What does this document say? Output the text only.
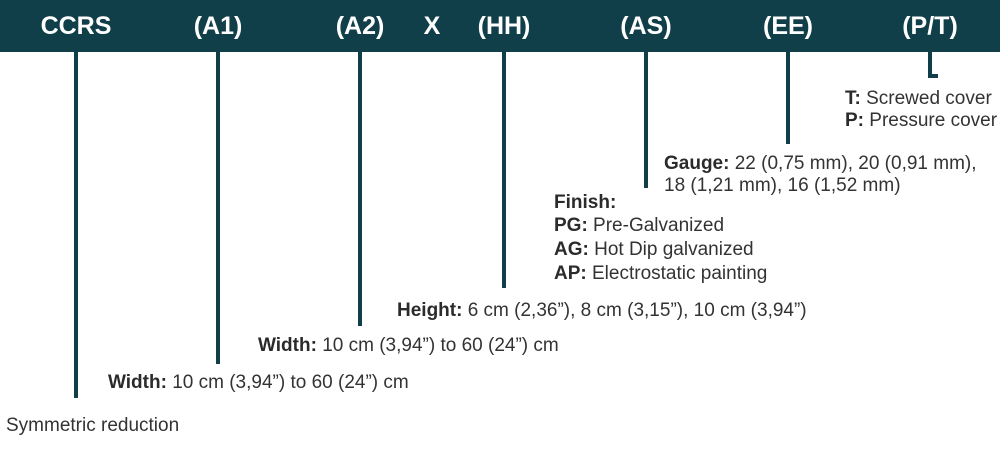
CCRS	(A1)	(A2) X (HH)	(AS)	(EE)	(P/T)
T: Screwed cover
P: Pressure cover
Gauge: 22 (0,75 mm), 20 (0,91 mm),
18 (1,21 mm), 16 (1,52 mm)
Finish:
PG: Pre-Galvanized
AG: Hot Dip galvanized
AP: Electrostatic painting
Height: 6 cm (2,36”), 8 cm (3,15”), 10 cm (3,94”)
Width: 10 cm (3,94”) to 60 (24”) cm
Width: 10 cm (3,94”) to 60 (24”) cm
Symmetric reduction
